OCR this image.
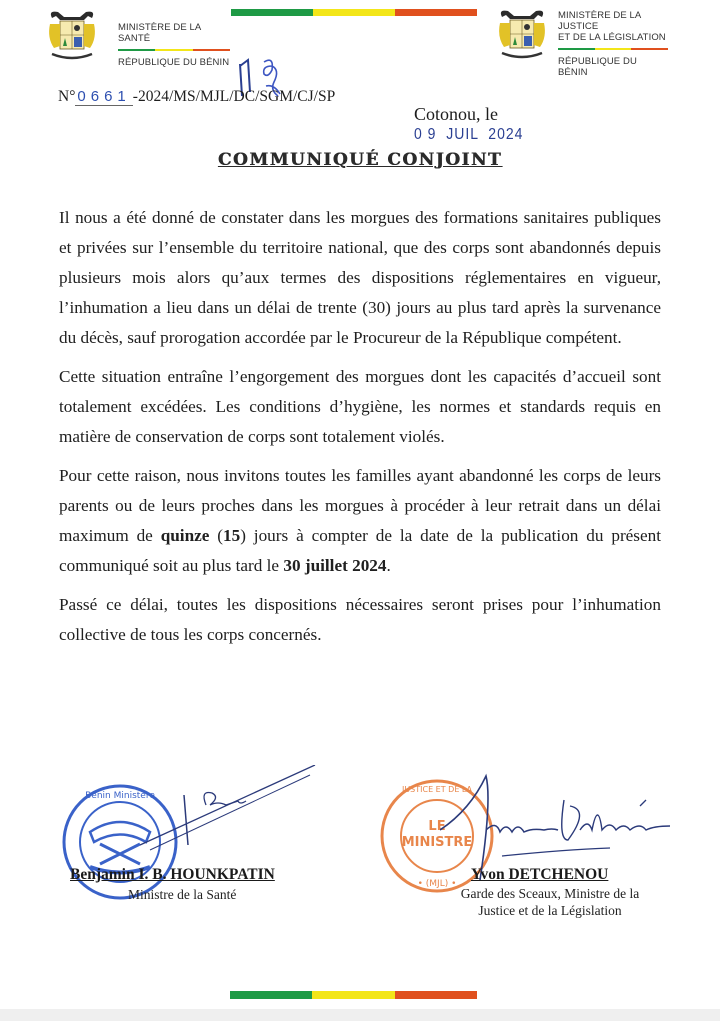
MINISTÈRE DE LA SANTÉ
RÉPUBLIQUE DU BÉNIN
MINISTÈRE DE LA JUSTICE
ET DE LA LÉGISLATION
RÉPUBLIQUE DU BÉNIN
N° 0661 -2024/MS/MJL/DC/SGM/CJ/SP

Cotonou, le
0 9  JUIL  2024

COMMUNIQUÉ CONJOINT

Il nous a été donné de constater dans les morgues des formations sanitaires publiques et privées sur l’ensemble du territoire national, que des corps sont abandonnés depuis plusieurs mois alors qu’aux termes des dispositions réglementaires en vigueur, l’inhumation a lieu dans un délai de trente (30) jours au plus tard après la survenance du décès, sauf prorogation accordée par le Procureur de la République compétent.

Cette situation entraîne l’engorgement des morgues dont les capacités d’accueil sont totalement excédées. Les conditions d’hygiène, les normes et standards requis en matière de conservation de corps sont totalement violés.

Pour cette raison, nous invitons toutes les familles ayant abandonné les corps de leurs parents ou de leurs proches dans les morgues à procéder à leur retrait dans un délai maximum de quinze (15) jours à compter de la date de la publication du présent communiqué soit au plus tard le 30 juillet 2024.

Passé ce délai, toutes les dispositions nécessaires seront prises pour l’inhumation collective de tous les corps concernés.

Bénin Ministère
Benjamin I. B. HOUNKPATIN
Ministre de la Santé
LE
MINISTRE
• (MJL) •
JUSTICE ET DE LA
Yvon DETCHENOU
Garde des Sceaux, Ministre de la
Justice et de la Législation
